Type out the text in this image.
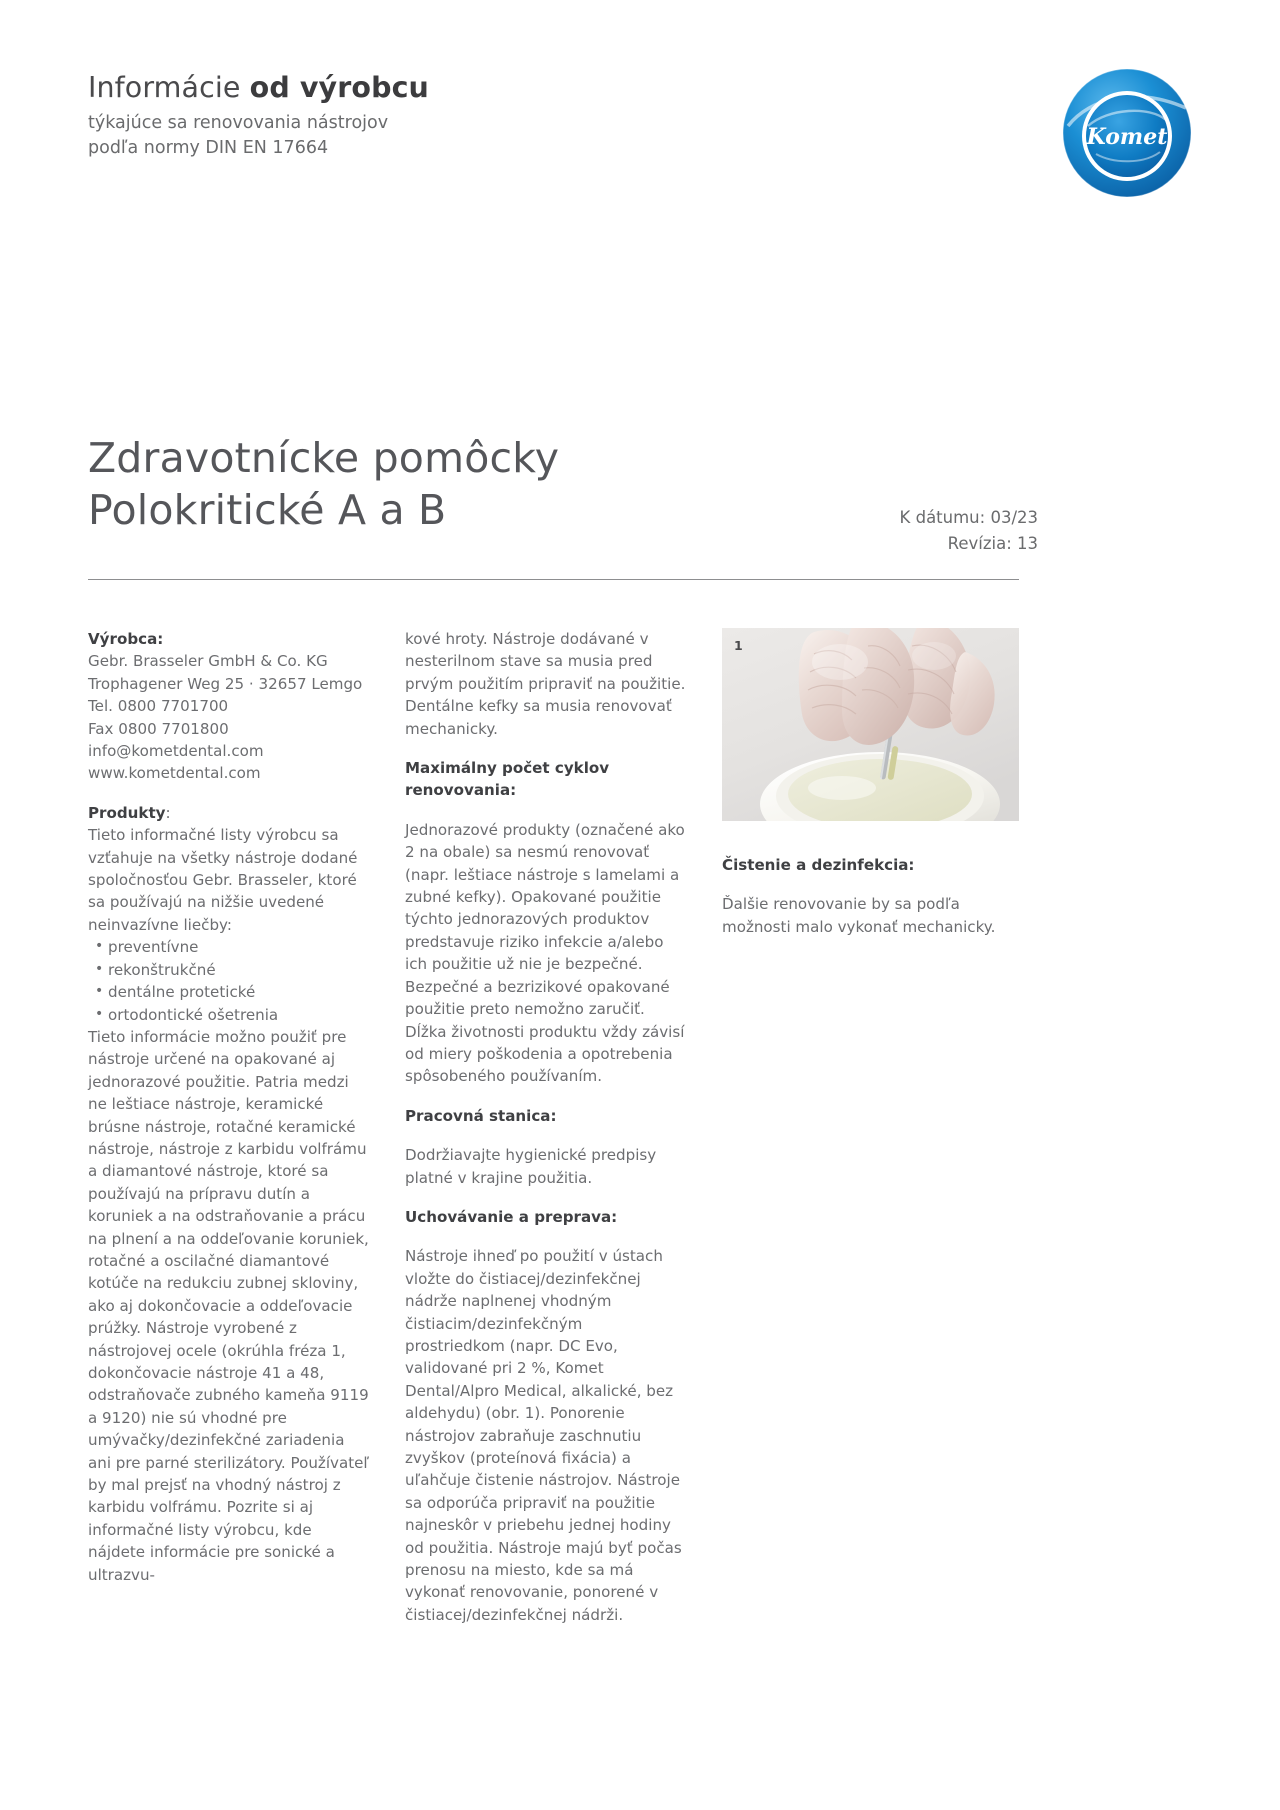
Informácie od výrobcu
týkajúce sa renovovania nástrojov
podľa normy DIN EN 17664	Komet
Zdravotnícke pomôcky
Polokritické A a B	K dátumu: 03/23
Revízia: 13

Výrobca:
Gebr. Brasseler GmbH & Co. KG
Trophagener Weg 25 · 32657 Lemgo
Tel. 0800 7701700
Fax 0800 7701800
info@kometdental.com
www.kometdental.com

Produkty:
Tieto informačné listy výrobcu sa vzťahuje na všetky nástroje dodané spoločnosťou Gebr. Brasseler, ktoré sa používajú na nižšie uvedené neinvazívne liečby:

• preventívne
• rekonštrukčné
• dentálne protetické
• ortodontické ošetrenia

Tieto informácie možno použiť pre nástroje určené na opakované aj jednorazové použitie. Patria medzi ne leštiace nástroje, keramické brúsne nástroje, rotačné keramické nástroje, nástroje z karbidu volfrámu a diamantové nástroje, ktoré sa používajú na prípravu dutín a koruniek a na odstraňovanie a prácu na plnení a na oddeľovanie koruniek, rotačné a oscilačné diamantové kotúče na redukciu zubnej skloviny, ako aj dokončovacie a oddeľovacie prúžky. Nástroje vyrobené z nástrojovej ocele (okrúhla fréza 1, dokončovacie nástroje 41 a 48, odstraňovače zubného kameňa 9119 a 9120) nie sú vhodné pre umývačky/dezinfekčné zariadenia ani pre parné sterilizátory. Používateľ by mal prejsť na vhodný nástroj z karbidu volfrámu. Pozrite si aj informačné listy výrobcu, kde nájdete informácie pre sonické a ultrazvu-

kové hroty. Nástroje dodávané v nesterilnom stave sa musia pred prvým použitím pripraviť na použitie. Dentálne kefky sa musia renovovať mechanicky.

Maximálny počet cyklov renovovania:

Jednorazové produkty (označené ako 2 na obale) sa nesmú renovovať (napr. leštiace nástroje s lamelami a zubné kefky). Opakované použitie týchto jednorazových produktov predstavuje riziko infekcie a/alebo ich použitie už nie je bezpečné. Bezpečné a bezrizikové opakované použitie preto nemožno zaručiť. Dĺžka životnosti produktu vždy závisí od miery poškodenia a opotrebenia spôsobeného používaním.

Pracovná stanica:

Dodržiavajte hygienické predpisy platné v krajine použitia.

Uchovávanie a preprava:

Nástroje ihneď po použití v ústach vložte do čistiacej/dezinfekčnej nádrže naplnenej vhodným čistiacim/dezinfekčným prostriedkom (napr. DC Evo, validované pri 2 %, Komet Dental/Alpro Medical, alkalické, bez aldehydu) (obr. 1). Ponorenie nástrojov zabraňuje zaschnutiu zvyškov (proteínová fixácia) a uľahčuje čistenie nástrojov. Nástroje sa odporúča pripraviť na použitie najneskôr v priebehu jednej hodiny od použitia. Nástroje majú byť počas prenosu na miesto, kde sa má vykonať renovovanie, ponorené v čistiacej/dezinfekčnej nádrži.

1

Čistenie a dezinfekcia:

Ďalšie renovovanie by sa podľa možnosti malo vykonať mechanicky.
